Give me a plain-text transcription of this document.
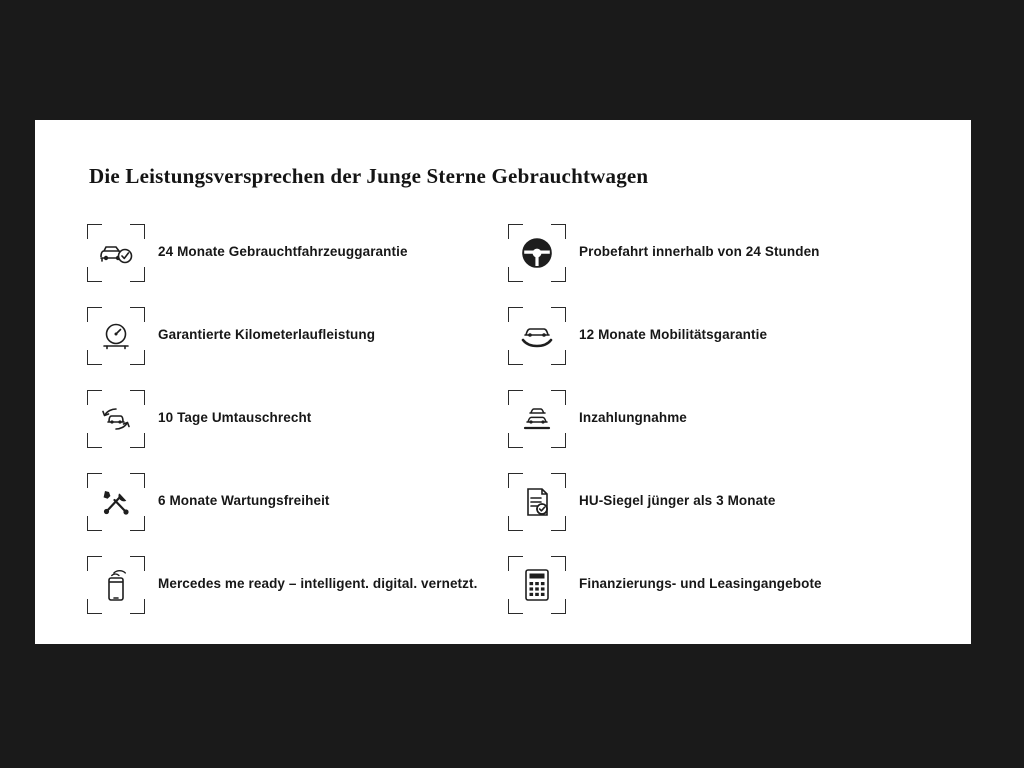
Die Leistungsversprechen der Junge Sterne Gebrauchtwagen
24 Monate Gebrauchtfahrzeuggarantie	Probefahrt innerhalb von 24 Stunden
Garantierte Kilometerlaufleistung	12 Monate Mobilitätsgarantie
10 Tage Umtauschrecht	Inzahlungnahme
6 Monate Wartungsfreiheit	HU-Siegel jünger als 3 Monate
Mercedes me ready – intelligent. digital. vernetzt.	Finanzierungs- und Leasingangebote
